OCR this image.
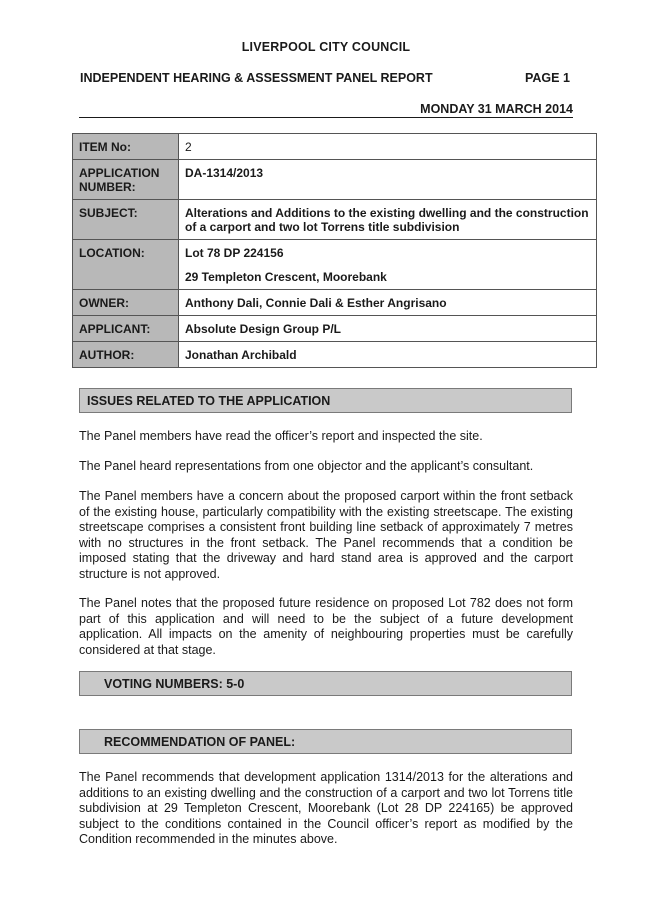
LIVERPOOL CITY COUNCIL
INDEPENDENT HEARING & ASSESSMENT PANEL REPORT	PAGE 1
MONDAY 31 MARCH 2014
ITEM No:	2
APPLICATION NUMBER:	DA-1314/2013
SUBJECT:	Alterations and Additions to the existing dwelling and the construction of a carport and two lot Torrens title subdivision
LOCATION:	Lot 78 DP 224156
29 Templeton Crescent, Moorebank

OWNER:	Anthony Dali, Connie Dali & Esther Angrisano
APPLICANT:	Absolute Design Group P/L
AUTHOR:	Jonathan Archibald
ISSUES RELATED TO THE APPLICATION
The Panel members have read the officer’s report and inspected the site.
The Panel heard representations from one objector and the applicant’s consultant.
The Panel members have a concern about the proposed carport within the front setback of the existing house, particularly compatibility with the existing streetscape. The existing streetscape comprises a consistent front building line setback of approximately 7 metres with no structures in the front setback. The Panel recommends that a condition be imposed stating that the driveway and hard stand area is approved and the carport structure is not approved.
The Panel notes that the proposed future residence on proposed Lot 782 does not form part of this application and will need to be the subject of a future development application. All impacts on the amenity of neighbouring properties must be carefully considered at that stage.
VOTING NUMBERS: 5-0
RECOMMENDATION OF PANEL:
The Panel recommends that development application 1314/2013 for the alterations and additions to an existing dwelling and the construction of a carport and two lot Torrens title subdivision at 29 Templeton Crescent, Moorebank (Lot 28 DP 224165) be approved subject to the conditions contained in the Council officer’s report as modified by the Condition recommended in the minutes above.
